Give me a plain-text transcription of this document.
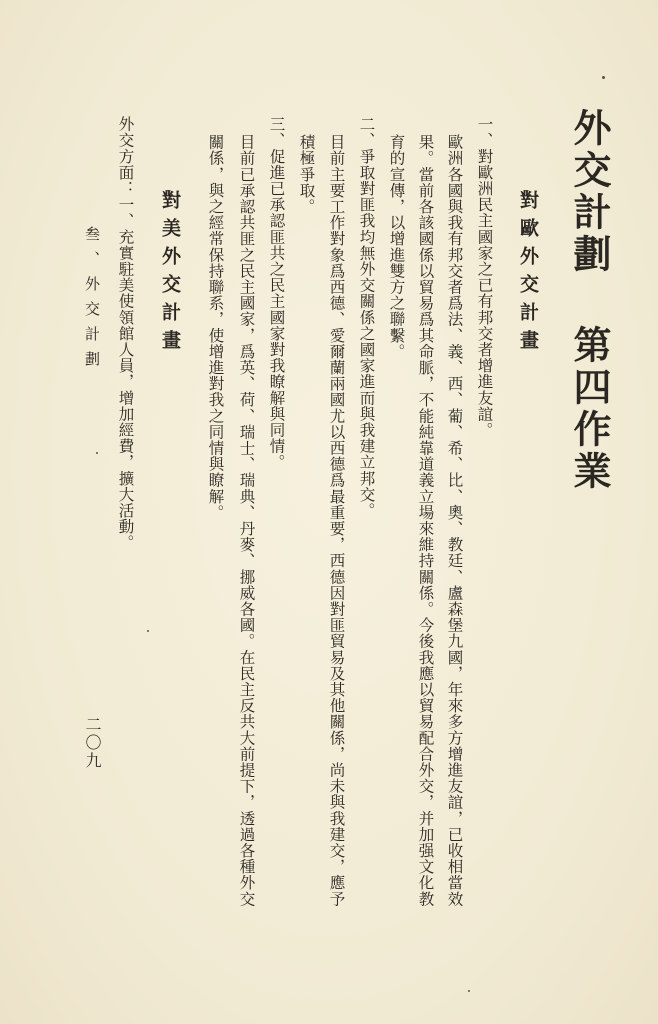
外交計劃 第四作業
對歐外交計畫
一、對歐洲民主國家之已有邦交者增進友誼。
歐洲各國與我有邦交者爲法、義、西、葡、希、比、奧、教廷、盧森堡九國，年來多方增進友誼，已收相當效
果。當前各該國係以貿易爲其命脈，不能純靠道義立場來維持關係。今後我應以貿易配合外交，并加强文化教
育的宣傳，以增進雙方之聯繫。
二、爭取對匪我均無外交關係之國家進而與我建立邦交。
目前主要工作對象爲西德、愛爾蘭兩國尤以西德爲最重要，西德因對匪貿易及其他關係，尚未與我建交，應予
積極爭取。
三、促進已承認匪共之民主國家對我瞭解與同情。
目前已承認共匪之民主國家，爲英、荷、瑞士、瑞典、丹麥、挪威各國。在民主反共大前提下，透過各種外交
關係，與之經常保持聯系，使增進對我之同情與瞭解。
對美外交計畫
外交方面：一、充實駐美使領館人員，增加經費，擴大活動。
叁、外交計劃
二〇九
